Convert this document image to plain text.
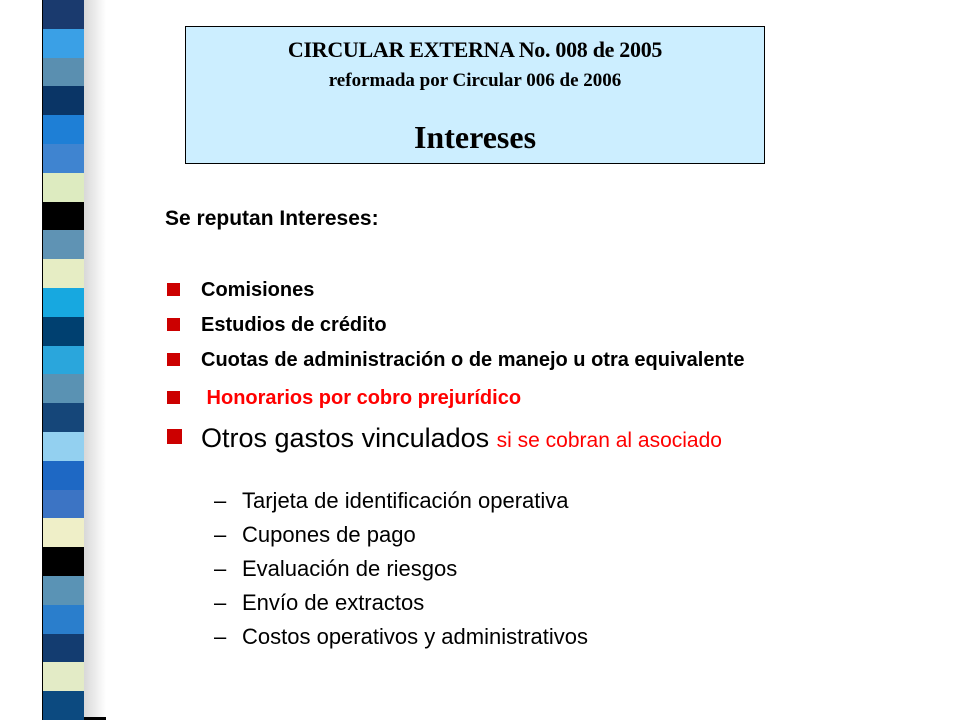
CIRCULAR EXTERNA No. 008 de 2005
reformada por Circular 006 de 2006
Intereses
Se reputan Intereses:
Comisiones
Estudios de crédito
Cuotas de administración o de manejo u otra equivalente
Honorarios por cobro prejurídico
Otros gastos vinculados si se cobran al asociado
– Tarjeta de identificación operativa
– Cupones de pago
– Evaluación de riesgos
– Envío de extractos
– Costos operativos y administrativos
